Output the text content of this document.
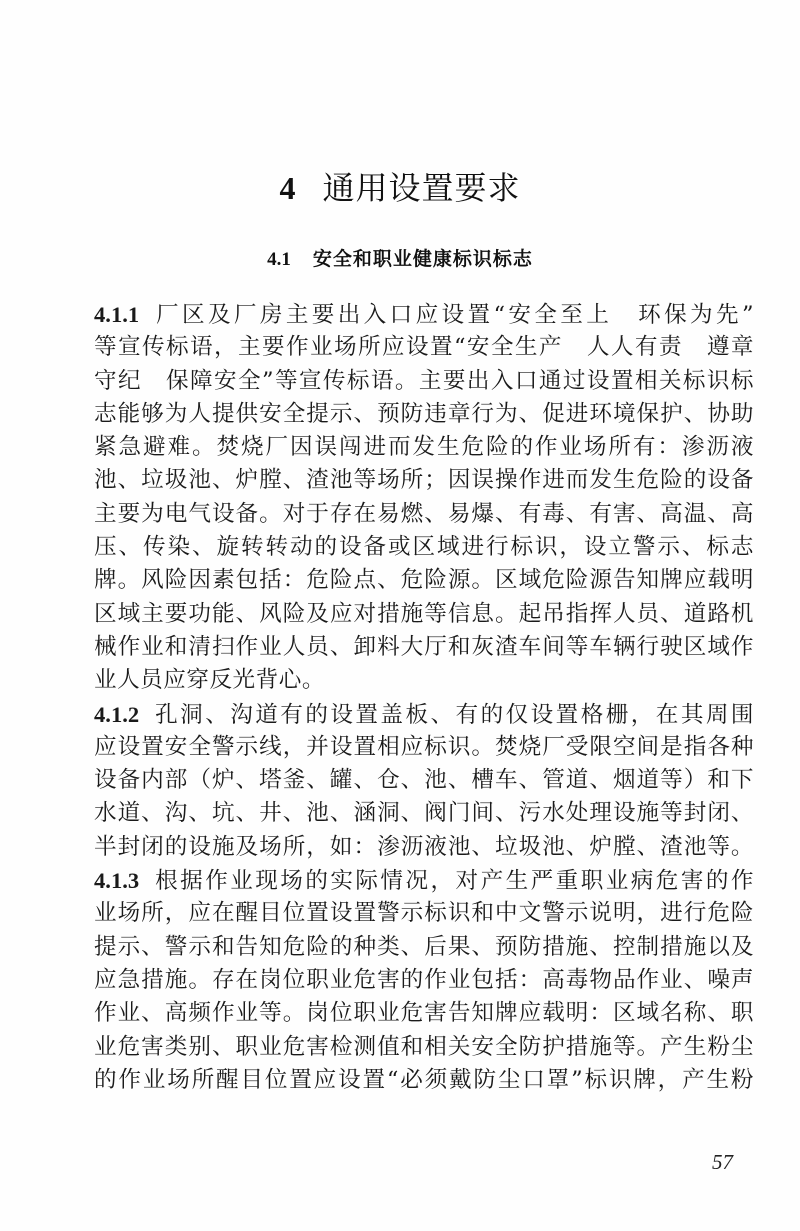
4 通用设置要求
4.1 安全和职业健康标识标志
4.1.1 厂区及厂房主要出入口应设置“安全至上　环保为先”
等宣传标语，主要作业场所应设置“安全生产　人人有责　遵章
守纪　保障安全”等宣传标语。主要出入口通过设置相关标识标
志能够为人提供安全提示、预防违章行为、促进环境保护、协助
紧急避难。焚烧厂因误闯进而发生危险的作业场所有：渗沥液
池、垃圾池、炉膛、渣池等场所；因误操作进而发生危险的设备
主要为电气设备。对于存在易燃、易爆、有毒、有害、高温、高
压、传染、旋转转动的设备或区域进行标识，设立警示、标志
牌。风险因素包括：危险点、危险源。区域危险源告知牌应载明
区域主要功能、风险及应对措施等信息。起吊指挥人员、道路机
械作业和清扫作业人员、卸料大厅和灰渣车间等车辆行驶区域作
业人员应穿反光背心。
4.1.2 孔洞、沟道有的设置盖板、有的仅设置格栅，在其周围
应设置安全警示线，并设置相应标识。焚烧厂受限空间是指各种
设备内部（炉、塔釜、罐、仓、池、槽车、管道、烟道等）和下
水道、沟、坑、井、池、涵洞、阀门间、污水处理设施等封闭、
半封闭的设施及场所，如：渗沥液池、垃圾池、炉膛、渣池等。
4.1.3 根据作业现场的实际情况，对产生严重职业病危害的作
业场所，应在醒目位置设置警示标识和中文警示说明，进行危险
提示、警示和告知危险的种类、后果、预防措施、控制措施以及
应急措施。存在岗位职业危害的作业包括：高毒物品作业、噪声
作业、高频作业等。岗位职业危害告知牌应载明：区域名称、职
业危害类别、职业危害检测值和相关安全防护措施等。产生粉尘
的作业场所醒目位置应设置“必须戴防尘口罩”标识牌，产生粉
57
